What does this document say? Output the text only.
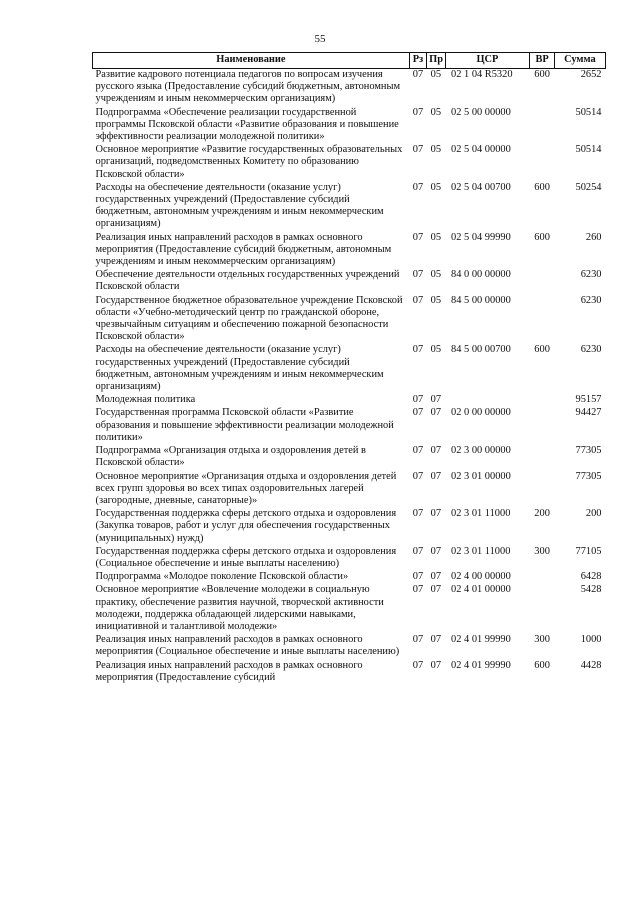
55
Наименование	Рз	Пр	ЦСР	ВР	Сумма
Развитие кадрового потенциала педагогов по вопросам изучения русского языка (Предоставление субсидий бюджетным, автономным учреждениям и иным некоммерческим организациям)	07	05	02 1 04 R5320	600	2652
Подпрограмма «Обеспечение реализации государственной программы Псковской области «Развитие образования и повышение эффективности реализации молодежной политики»	07	05	02 5 00 00000		50514
Основное мероприятие «Развитие государственных образовательных организаций, подведомственных Комитету по образованию Псковской области»	07	05	02 5 04 00000		50514
Расходы на обеспечение деятельности (оказание услуг) государственных учреждений (Предоставление субсидий бюджетным, автономным учреждениям и иным некоммерческим организациям)	07	05	02 5 04 00700	600	50254
Реализация иных направлений расходов в рамках основного мероприятия (Предоставление субсидий бюджетным, автономным учреждениям и иным некоммерческим организациям)	07	05	02 5 04 99990	600	260
Обеспечение деятельности отдельных государственных учреждений Псковской области	07	05	84 0 00 00000		6230
Государственное бюджетное образовательное учреждение Псковской области «Учебно-методический центр по гражданской обороне, чрезвычайным ситуациям и обеспечению пожарной безопасности Псковской области»	07	05	84 5 00 00000		6230
Расходы на обеспечение деятельности (оказание услуг) государственных учреждений (Предоставление субсидий бюджетным, автономным учреждениям и иным некоммерческим организациям)	07	05	84 5 00 00700	600	6230
Молодежная политика	07	07			95157
Государственная программа Псковской области «Развитие образования и повышение эффективности реализации молодежной политики»	07	07	02 0 00 00000		94427
Подпрограмма «Организация отдыха и оздоровления детей в Псковской области»	07	07	02 3 00 00000		77305
Основное мероприятие «Организация отдыха и оздоровления детей всех групп здоровья во всех типах оздоровительных лагерей (загородные, дневные, санаторные)»	07	07	02 3 01 00000		77305
Государственная поддержка сферы детского отдыха и оздоровления (Закупка товаров, работ и услуг для обеспечения государственных (муниципальных) нужд)	07	07	02 3 01 11000	200	200
Государственная поддержка сферы детского отдыха и оздоровления (Социальное обеспечение и иные выплаты населению)	07	07	02 3 01 11000	300	77105
Подпрограмма «Молодое поколение Псковской области»	07	07	02 4 00 00000		6428
Основное мероприятие «Вовлечение молодежи в социальную практику, обеспечение развития научной, творческой активности молодежи, поддержка обладающей лидерскими навыками, инициативной и талантливой молодежи»	07	07	02 4 01 00000		5428
Реализация иных направлений расходов в рамках основного мероприятия (Социальное обеспечение и иные выплаты населению)	07	07	02 4 01 99990	300	1000
Реализация иных направлений расходов в рамках основного мероприятия (Предоставление субсидий	07	07	02 4 01 99990	600	4428
